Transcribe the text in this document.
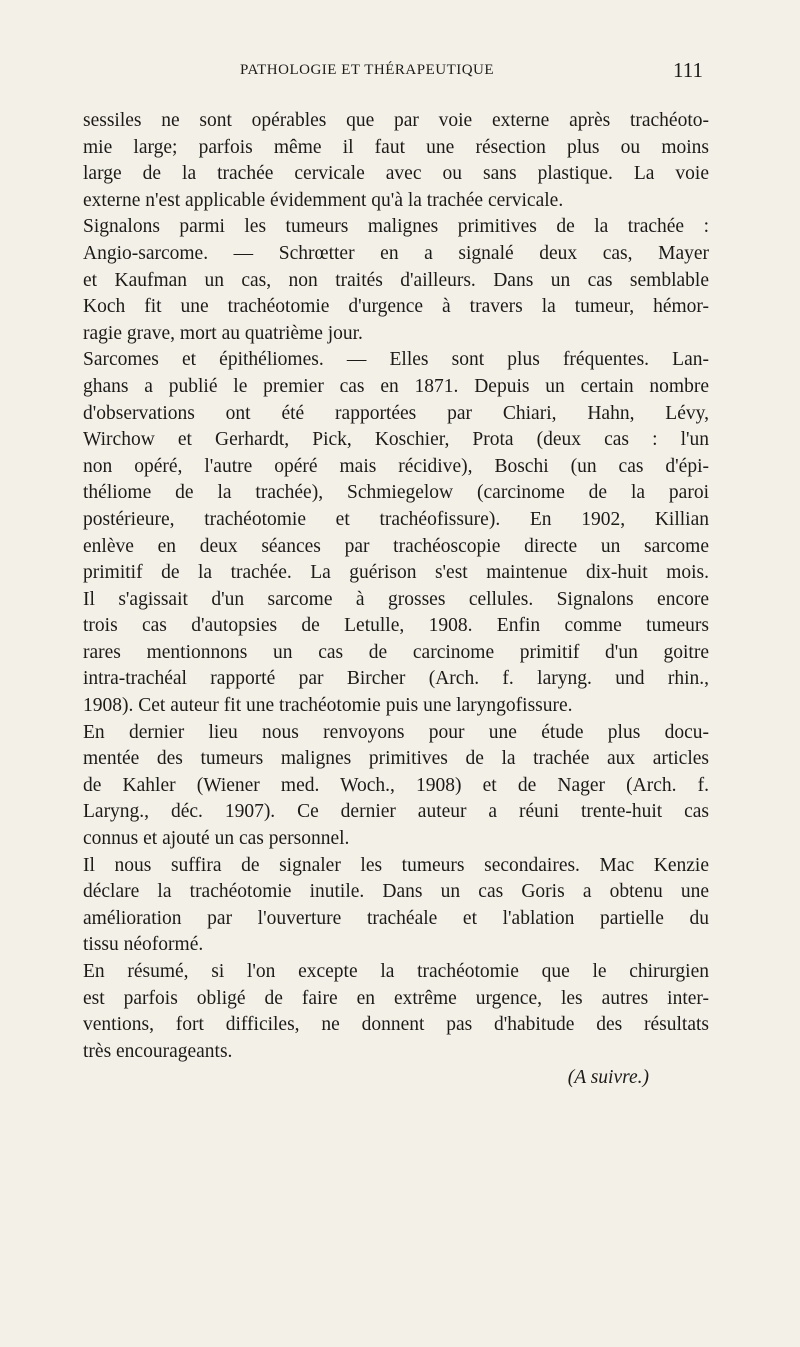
PATHOLOGIE ET THÉRAPEUTIQUE	111
sessiles ne sont opérables que par voie externe après trachéoto-
mie large; parfois même il faut une résection plus ou moins
large de la trachée cervicale avec ou sans plastique. La voie
externe n'est applicable évidemment qu'à la trachée cervicale.
Signalons parmi les tumeurs malignes primitives de la trachée :
Angio-sarcome. — Schrœtter en a signalé deux cas, Mayer
et Kaufman un cas, non traités d'ailleurs. Dans un cas semblable
Koch fit une trachéotomie d'urgence à travers la tumeur, hémor-
ragie grave, mort au quatrième jour.
Sarcomes et épithéliomes. — Elles sont plus fréquentes. Lan-
ghans a publié le premier cas en 1871. Depuis un certain nombre
d'observations ont été rapportées par Chiari, Hahn, Lévy,
Wirchow et Gerhardt, Pick, Koschier, Prota (deux cas : l'un
non opéré, l'autre opéré mais récidive), Boschi (un cas d'épi-
théliome de la trachée), Schmiegelow (carcinome de la paroi
postérieure, trachéotomie et trachéofissure). En 1902, Killian
enlève en deux séances par trachéoscopie directe un sarcome
primitif de la trachée. La guérison s'est maintenue dix-huit mois.
Il s'agissait d'un sarcome à grosses cellules. Signalons encore
trois cas d'autopsies de Letulle, 1908. Enfin comme tumeurs
rares mentionnons un cas de carcinome primitif d'un goitre
intra-trachéal rapporté par Bircher (Arch. f. laryng. und rhin.,
1908). Cet auteur fit une trachéotomie puis une laryngofissure.
En dernier lieu nous renvoyons pour une étude plus docu-
mentée des tumeurs malignes primitives de la trachée aux articles
de Kahler (Wiener med. Woch., 1908) et de Nager (Arch. f.
Laryng., déc. 1907). Ce dernier auteur a réuni trente-huit cas
connus et ajouté un cas personnel.
Il nous suffira de signaler les tumeurs secondaires. Mac Kenzie
déclare la trachéotomie inutile. Dans un cas Goris a obtenu une
amélioration par l'ouverture trachéale et l'ablation partielle du
tissu néoformé.
En résumé, si l'on excepte la trachéotomie que le chirurgien
est parfois obligé de faire en extrême urgence, les autres inter-
ventions, fort difficiles, ne donnent pas d'habitude des résultats
très encourageants.
(A suivre.)
